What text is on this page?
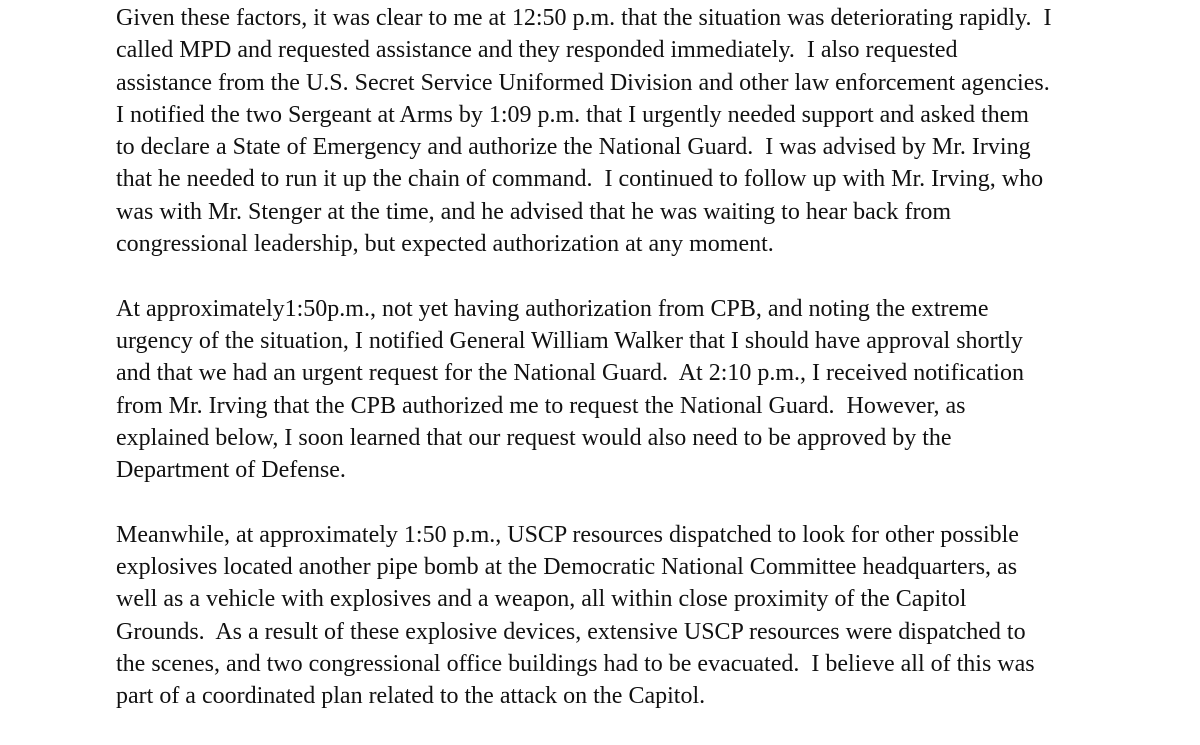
Given these factors, it was clear to me at 12:50 p.m. that the situation was deteriorating rapidly.  I
called MPD and requested assistance and they responded immediately.  I also requested
assistance from the U.S. Secret Service Uniformed Division and other law enforcement agencies.
I notified the two Sergeant at Arms by 1:09 p.m. that I urgently needed support and asked them
to declare a State of Emergency and authorize the National Guard.  I was advised by Mr. Irving
that he needed to run it up the chain of command.  I continued to follow up with Mr. Irving, who
was with Mr. Stenger at the time, and he advised that he was waiting to hear back from
congressional leadership, but expected authorization at any moment.

At approximately1:50p.m., not yet having authorization from CPB, and noting the extreme
urgency of the situation, I notified General William Walker that I should have approval shortly
and that we had an urgent request for the National Guard.  At 2:10 p.m., I received notification
from Mr. Irving that the CPB authorized me to request the National Guard.  However, as
explained below, I soon learned that our request would also need to be approved by the
Department of Defense.

Meanwhile, at approximately 1:50 p.m., USCP resources dispatched to look for other possible
explosives located another pipe bomb at the Democratic National Committee headquarters, as
well as a vehicle with explosives and a weapon, all within close proximity of the Capitol
Grounds.  As a result of these explosive devices, extensive USCP resources were dispatched to
the scenes, and two congressional office buildings had to be evacuated.  I believe all of this was
part of a coordinated plan related to the attack on the Capitol.
